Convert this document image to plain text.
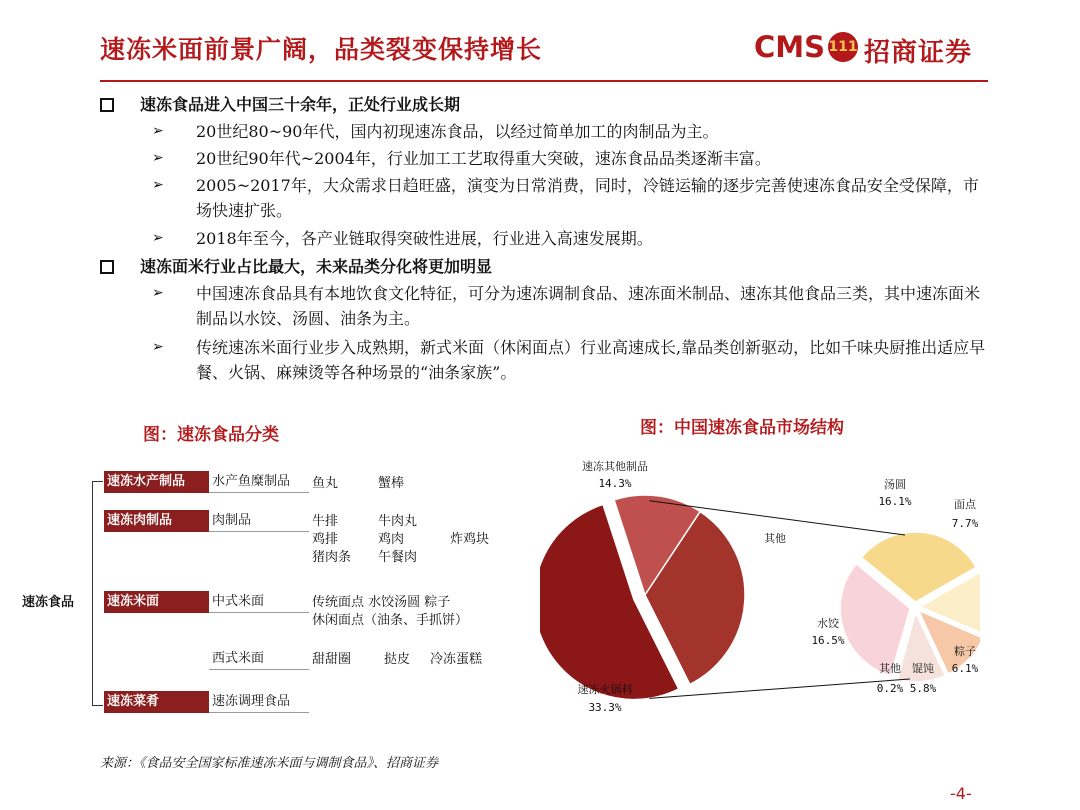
速冻米面前景广阔，品类裂变保持增长	CMS 111 招商证券
速冻食品进入中国三十余年，正处行业成长期
➢ 20世纪80~90年代，国内初现速冻食品，以经过简单加工的肉制品为主。
➢ 20世纪90年代~2004年，行业加工工艺取得重大突破，速冻食品品类逐渐丰富。
➢ 2005~2017年，大众需求日趋旺盛，演变为日常消费，同时，冷链运输的逐步完善使速冻食品安全受保障，市场快速扩张。
➢ 2018年至今，各产业链取得突破性进展，行业进入高速发展期。
速冻面米行业占比最大，未来品类分化将更加明显
➢ 中国速冻食品具有本地饮食文化特征，可分为速冻调制食品、速冻面米制品、速冻其他食品三类，其中速冻面米制品以水饺、汤圆、油条为主。
➢ 传统速冻米面行业步入成熟期，新式米面（休闲面点）行业高速成长,靠品类创新驱动，比如千味央厨推出适应早餐、火锅、麻辣烫等各种场景的“油条家族”。
图：速冻食品分类	图：中国速冻食品市场结构
速冻食品
速冻水产制品	水产鱼糜制品	鱼丸	蟹棒
速冻肉制品	肉制品	牛排	牛肉丸
鸡排	鸡肉	炸鸡块
猪肉条 午餐肉
速冻米面	中式米面	传统面点 水饺汤圆 粽子
休闲面点（油条、手抓饼）
西式米面	甜甜圈	挞皮 冷冻蛋糕
速冻菜肴	速冻调理食品
速冻其他制品
14.3%
速冻火锅料
33.3%
其他
汤圆
16.1%	面点
7.7%
粽子
6.1%
馄饨
5.8%
其他
0.2%
水饺
16.5%
来源：《食品安全国家标准速冻米面与调制食品》、招商证券
-4-
